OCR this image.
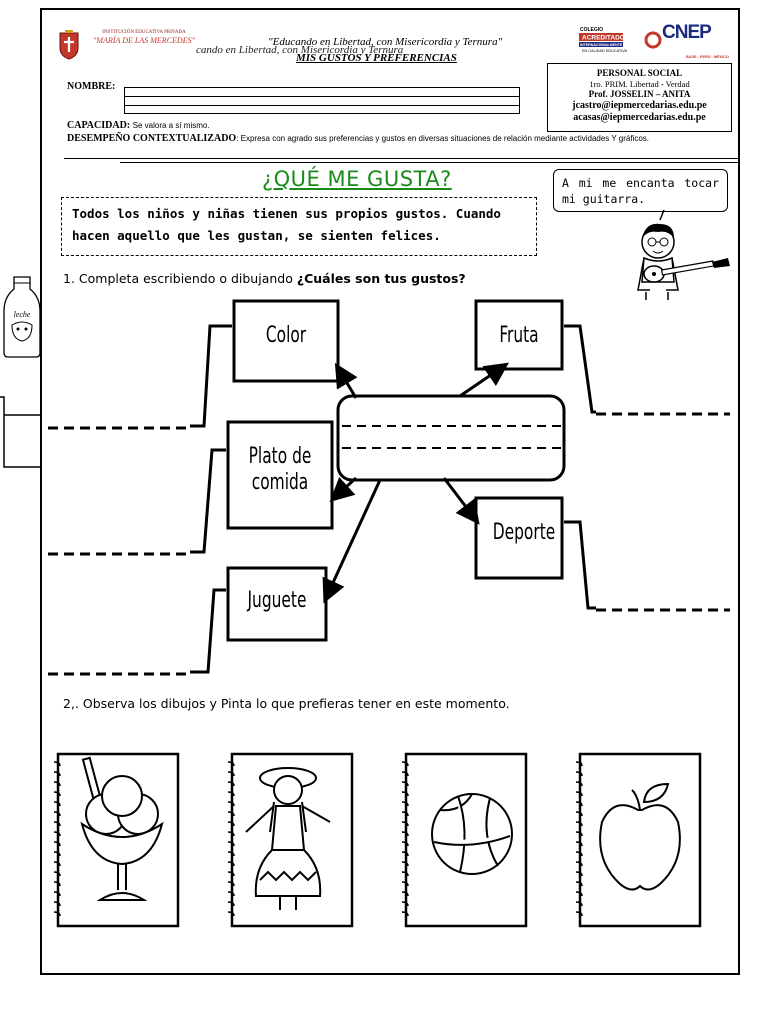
INSTITUCIÓN EDUCATIVA PRIVADA
"MARÍA DE LAS MERCEDES"
cando en Libertad, con Misericordia y Ternura
"Educando en Libertad, con Misericordia y Ternura"
MIS GUSTOS Y PREFERENCIAS
COLEGIO
ACREDITADO
INTERNACIONALMENTE
EN CALIDAD EDUCATIVA
BASE - PERÚ - MÉXICO
CNEP
PERSONAL SOCIAL
1ro. PRIM. Libertad - Verdad
Prof. JOSSELIN – ANITA
jcastro@iepmercedarias.edu.pe
acasas@iepmercedarias.edu.pe
NOMBRE:
CAPACIDAD: Se valora a sí mismo.
DESEMPEÑO CONTEXTUALIZADO: Expresa con agrado sus preferencias y gustos en diversas situaciones de relación mediante actividades Y gráficos.
¿QUÉ ME GUSTA?
Todos los niños y niñas tienen sus propios gustos. Cuando hacen aquello que les gustan, se sienten felices.
A mi me encanta tocar mi guitarra.
leche
1. Completa escribiendo o dibujando ¿Cuáles son tus gustos?
Color	Fruta
Plato de
comida
Deporte
Juguete
2,. Observa los dibujos y Pinta lo que prefieras tener en este momento.
